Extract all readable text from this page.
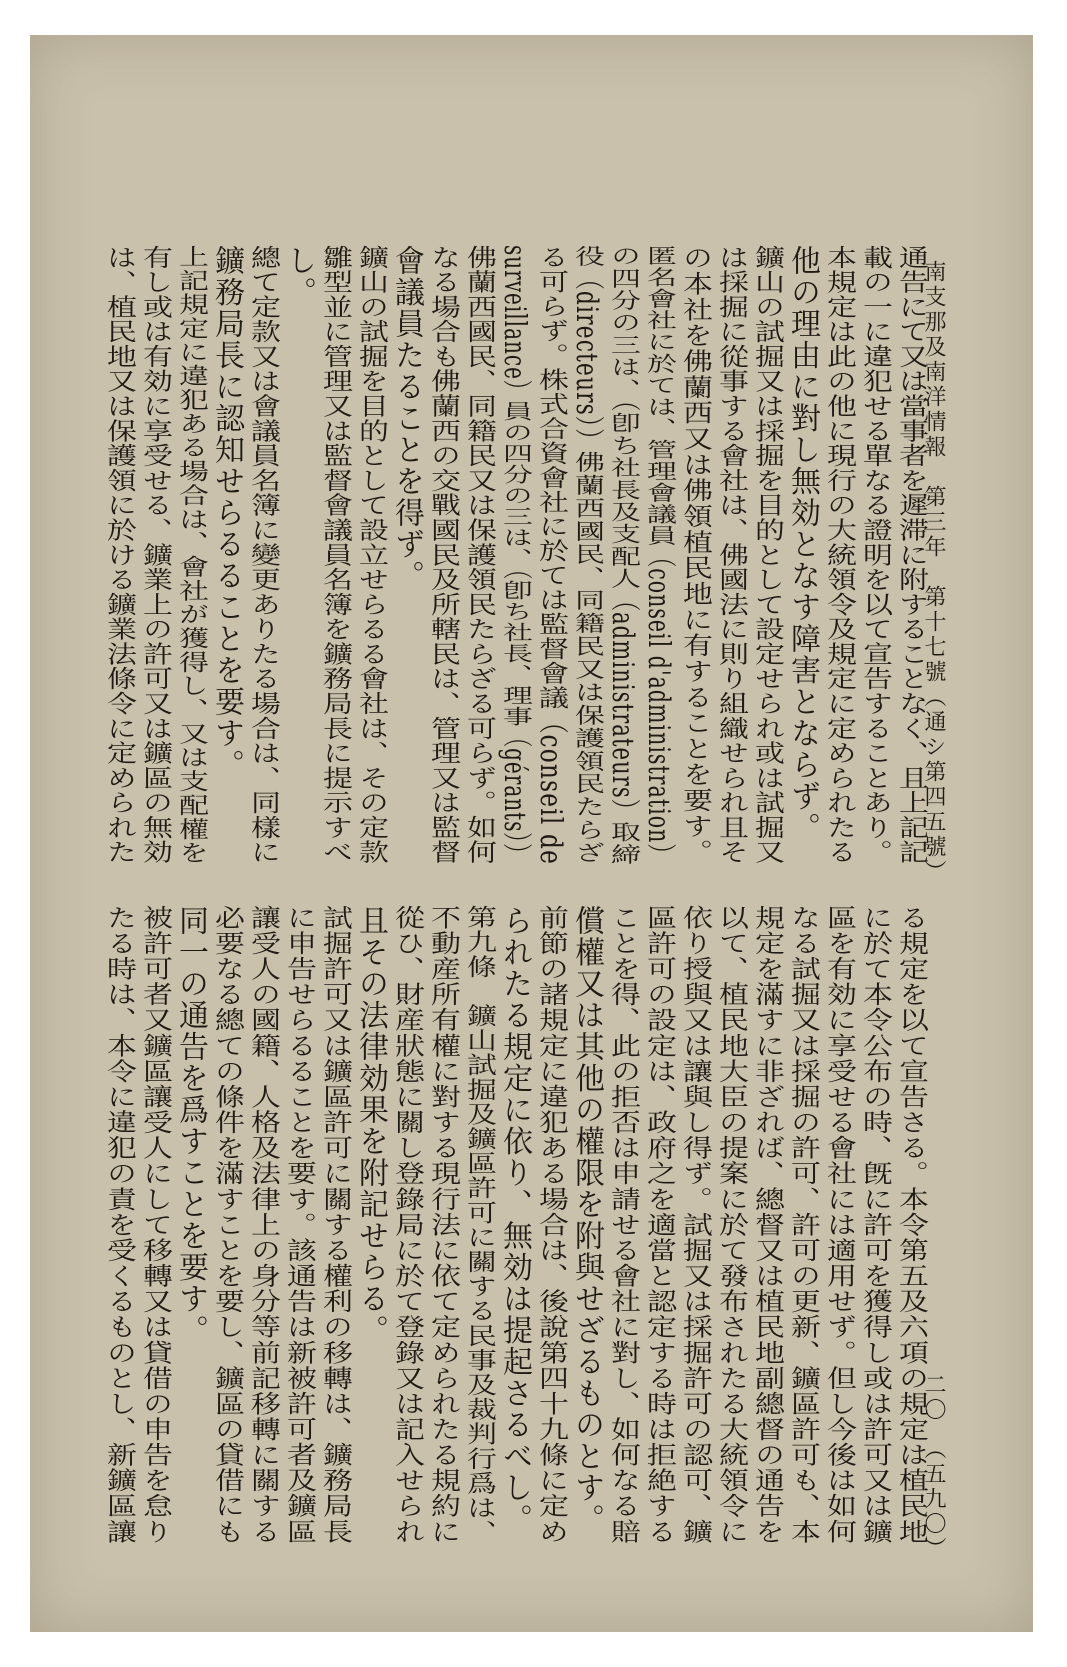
南支那及南洋情報　第三年　第十七號（通シ第四五號）
二〇　（五九〇）
通告にて又は當事者を遲滞に附することなく、且上記記
載の一に違犯せる單なる證明を以て宣告することあり。
本規定は此の他に現行の大統領令及規定に定められたる
他の理由に對し無効となす障害とならず。
鑛山の試掘又は採掘を目的として設定せられ或は試掘又
は採掘に從事する會社は、佛國法に則り組織せられ且そ
の本社を佛蘭西又は佛領植民地に有することを要す。
匿名會社に於ては、管理會議員（conseil d'administration）
の四分の三は、（卽ち社長及支配人（administrateurs）取締
役（directeurs））佛蘭西國民、同籍民又は保護領民たらざ
る可らず。株式合資會社に於ては監督會議（conseil de
surveillance）員の四分の三は、（卽ち社長、理事（gérants））
佛蘭西國民、同籍民又は保護領民たらざる可らず。如何
なる場合も佛蘭西の交戰國民及所轄民は、管理又は監督
會議員たることを得ず。
鑛山の試掘を目的として設立せらるる會社は、その定款
雛型並に管理又は監督會議員名簿を鑛務局長に提示すべ
し。
總て定款又は會議員名簿に變更ありたる場合は、同樣に
鑛務局長に認知せらるることを要す。
上記規定に違犯ある場合は、會社が獲得し、又は支配權を
有し或は有効に享受せる、鑛業上の許可又は鑛區の無効
は、植民地又は保護領に於ける鑛業法條令に定められた
る規定を以て宣告さる。本令第五及六項の規定は植民地
に於て本令公布の時、旣に許可を獲得し或は許可又は鑛
區を有効に享受せる會社には適用せず。但し今後は如何
なる試掘又は採掘の許可、許可の更新、鑛區許可も、本
規定を滿すに非ざれば、總督又は植民地副總督の通告を
以て、植民地大臣の提案に於て發布されたる大統領令に
依り授與又は讓與し得ず。試掘又は採掘許可の認可、鑛
區許可の設定は、政府之を適當と認定する時は拒絶する
ことを得、此の拒否は申請せる會社に對し、如何なる賠
償權又は其他の權限を附與せざるものとす。
前節の諸規定に違犯ある場合は、後說第四十九條に定め
られたる規定に依り、無効は提起さるべし。
第九條　鑛山試掘及鑛區許可に關する民事及裁判行爲は、
不動産所有權に對する現行法に依て定められたる規約に
從ひ、財産狀態に關し登錄局に於て登錄又は記入せられ
且その法律効果を附記せらる。
試掘許可又は鑛區許可に關する權利の移轉は、鑛務局長
に申告せらるることを要す。該通告は新被許可者及鑛區
讓受人の國籍、人格及法律上の身分等前記移轉に關する
必要なる總ての條件を滿すことを要し、鑛區の貸借にも
同一の通告を爲すことを要す。
被許可者又鑛區讓受人にして移轉又は貸借の申告を怠り
たる時は、本令に違犯の責を受くるものとし、新鑛區讓
